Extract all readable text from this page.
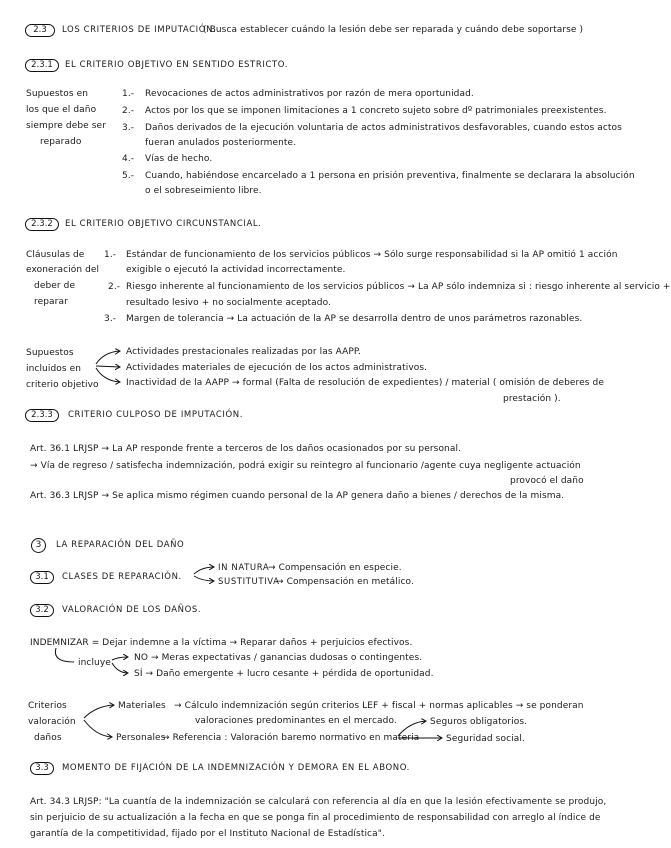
2.3	LOS CRITERIOS DE IMPUTACIÓN.
( Busca establecer cuándo la lesión debe ser reparada y cuándo debe soportarse )
2.3.1	EL CRITERIO OBJETIVO EN SENTIDO ESTRICTO.
Supuestos en
los que el daño
siempre debe ser
reparado
1.- Revocaciones de actos administrativos por razón de mera oportunidad.
2.- Actos por los que se imponen limitaciones a 1 concreto sujeto sobre dº patrimoniales preexistentes.
3.- Daños derivados de la ejecución voluntaria de actos administrativos desfavorables, cuando estos actos
fueran anulados posteriormente.
4.- Vías de hecho.
5.- Cuando, habiéndose encarcelado a 1 persona en prisión preventiva, finalmente se declarara la absolución
o el sobreseimiento libre.
2.3.2	EL CRITERIO OBJETIVO CIRCUNSTANCIAL.
Cláusulas de
exoneración del
deber de
reparar
1.- Estándar de funcionamiento de los servicios públicos → Sólo surge responsabilidad si la AP omitió 1 acción
exigible o ejecutó la actividad incorrectamente.
2.- Riesgo inherente al funcionamiento de los servicios públicos → La AP sólo indemniza si : riesgo inherente al servicio +
resultado lesivo + no socialmente aceptado.
3.- Margen de tolerancia → La actuación de la AP se desarrolla dentro de unos parámetros razonables.
Supuestos
incluidos en
criterio objetivo
Actividades prestacionales realizadas por las AAPP.
Actividades materiales de ejecución de los actos administrativos.
Inactividad de la AAPP → formal (Falta de resolución de expedientes) / material ( omisión de deberes de
prestación ).
2.3.3	CRITERIO CULPOSO DE IMPUTACIÓN.
Art. 36.1 LRJSP → La AP responde frente a terceros de los daños ocasionados por su personal.
→ Vía de regreso / satisfecha indemnización, podrá exigir su reintegro al funcionario /agente cuya negligente actuación
provocó el daño
Art. 36.3 LRJSP → Se aplica mismo régimen cuando personal de la AP genera daño a bienes / derechos de la misma.
3	LA REPARACIÓN DEL DAÑO
3.1	CLASES DE REPARACIÓN.
IN NATURA
→ Compensación en especie.
SUSTITUTIVA
→ Compensación en metálico.
3.2	VALORACIÓN DE LOS DAÑOS.
INDEMNIZAR = Dejar indemne a la víctima → Reparar daños + perjuicios efectivos.
incluye	NO → Meras expectativas / ganancias dudosas o contingentes.
SÍ → Daño emergente + lucro cesante + pérdida de oportunidad.
Criterios
valoración
daños
Materiales → Cálculo indemnización según criterios LEF + fiscal + normas aplicables → se ponderan
valoraciones predominantes en el mercado.
Personales
→ Referencia : Valoración baremo normativo en materia
Seguros obligatorios.
Seguridad social.
3.3	MOMENTO DE FIJACIÓN DE LA INDEMNIZACIÓN Y DEMORA EN EL ABONO.
Art. 34.3 LRJSP: "La cuantía de la indemnización se calculará con referencia al día en que la lesión efectivamente se produjo,
sin perjuicio de su actualización a la fecha en que se ponga fin al procedimiento de responsabilidad con arreglo al índice de
garantía de la competitividad, fijado por el Instituto Nacional de Estadística".
